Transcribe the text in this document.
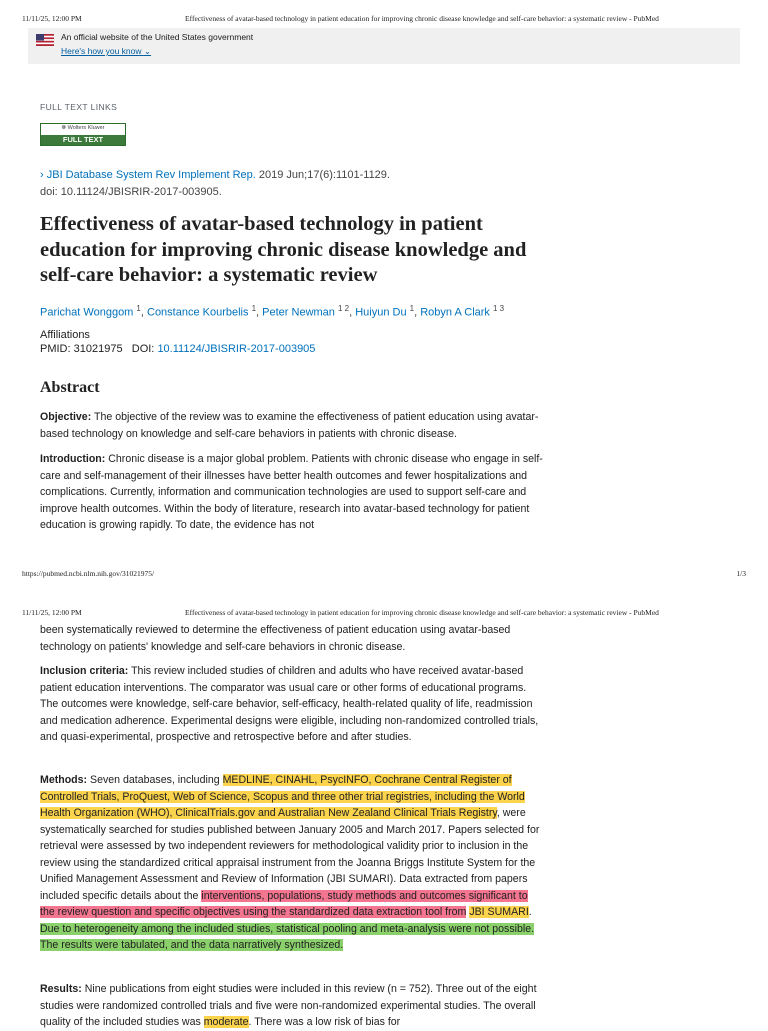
11/11/25, 12:00 PM	Effectiveness of avatar-based technology in patient education for improving chronic disease knowledge and self-care behavior: a systematic review - PubMed
An official website of the United States government
Here's how you know ⌄
FULL TEXT LINKS
❁ Wolters Kluwer
FULL TEXT
› JBI Database System Rev Implement Rep. 2019 Jun;17(6):1101-1129.
doi: 10.11124/JBISRIR-2017-003905.
Effectiveness of avatar-based technology in patient education for improving chronic disease knowledge and self-care behavior: a systematic review
Parichat Wonggom $^1$, Constance Kourbelis $^1$, Peter Newman $^{1 2}$, Huiyun Du $^1$, Robyn A Clark $^{1 3}$
Affiliations
PMID: 31021975 DOI: 10.11124/JBISRIR-2017-003905
Abstract

Objective: The objective of the review was to examine the effectiveness of patient education using avatar-based technology on knowledge and self-care behaviors in patients with chronic disease.

Introduction: Chronic disease is a major global problem. Patients with chronic disease who engage in self-care and self-management of their illnesses have better health outcomes and fewer hospitalizations and complications. Currently, information and communication technologies are used to support self-care and improve health outcomes. Within the body of literature, research into avatar-based technology for patient education is growing rapidly. To date, the evidence has not

https://pubmed.ncbi.nlm.nih.gov/31021975/	1/3
11/11/25, 12:00 PM	Effectiveness of avatar-based technology in patient education for improving chronic disease knowledge and self-care behavior: a systematic review - PubMed

been systematically reviewed to determine the effectiveness of patient education using avatar-based technology on patients' knowledge and self-care behaviors in chronic disease.

Inclusion criteria: This review included studies of children and adults who have received avatar-based patient education interventions. The comparator was usual care or other forms of educational programs. The outcomes were knowledge, self-care behavior, self-efficacy, health-related quality of life, readmission and medication adherence. Experimental designs were eligible, including non-randomized controlled trials, and quasi-experimental, prospective and retrospective before and after studies.

Methods: Seven databases, including MEDLINE, CINAHL, PsycINFO, Cochrane Central Register of Controlled Trials, ProQuest, Web of Science, Scopus and three other trial registries, including the World Health Organization (WHO), ClinicalTrials.gov and Australian New Zealand Clinical Trials Registry, were systematically searched for studies published between January 2005 and March 2017. Papers selected for retrieval were assessed by two independent reviewers for methodological validity prior to inclusion in the review using the standardized critical appraisal instrument from the Joanna Briggs Institute System for the Unified Management Assessment and Review of Information (JBI SUMARI). Data extracted from papers included specific details about the interventions, populations, study methods and outcomes significant to the review question and specific objectives using the standardized data extraction tool from JBI SUMARI. Due to heterogeneity among the included studies, statistical pooling and meta-analysis were not possible. The results were tabulated, and the data narratively synthesized.

Results: Nine publications from eight studies were included in this review (n = 752). Three out of the eight studies were randomized controlled trials and five were non-randomized experimental studies. The overall quality of the included studies was moderate. There was a low risk of bias for
